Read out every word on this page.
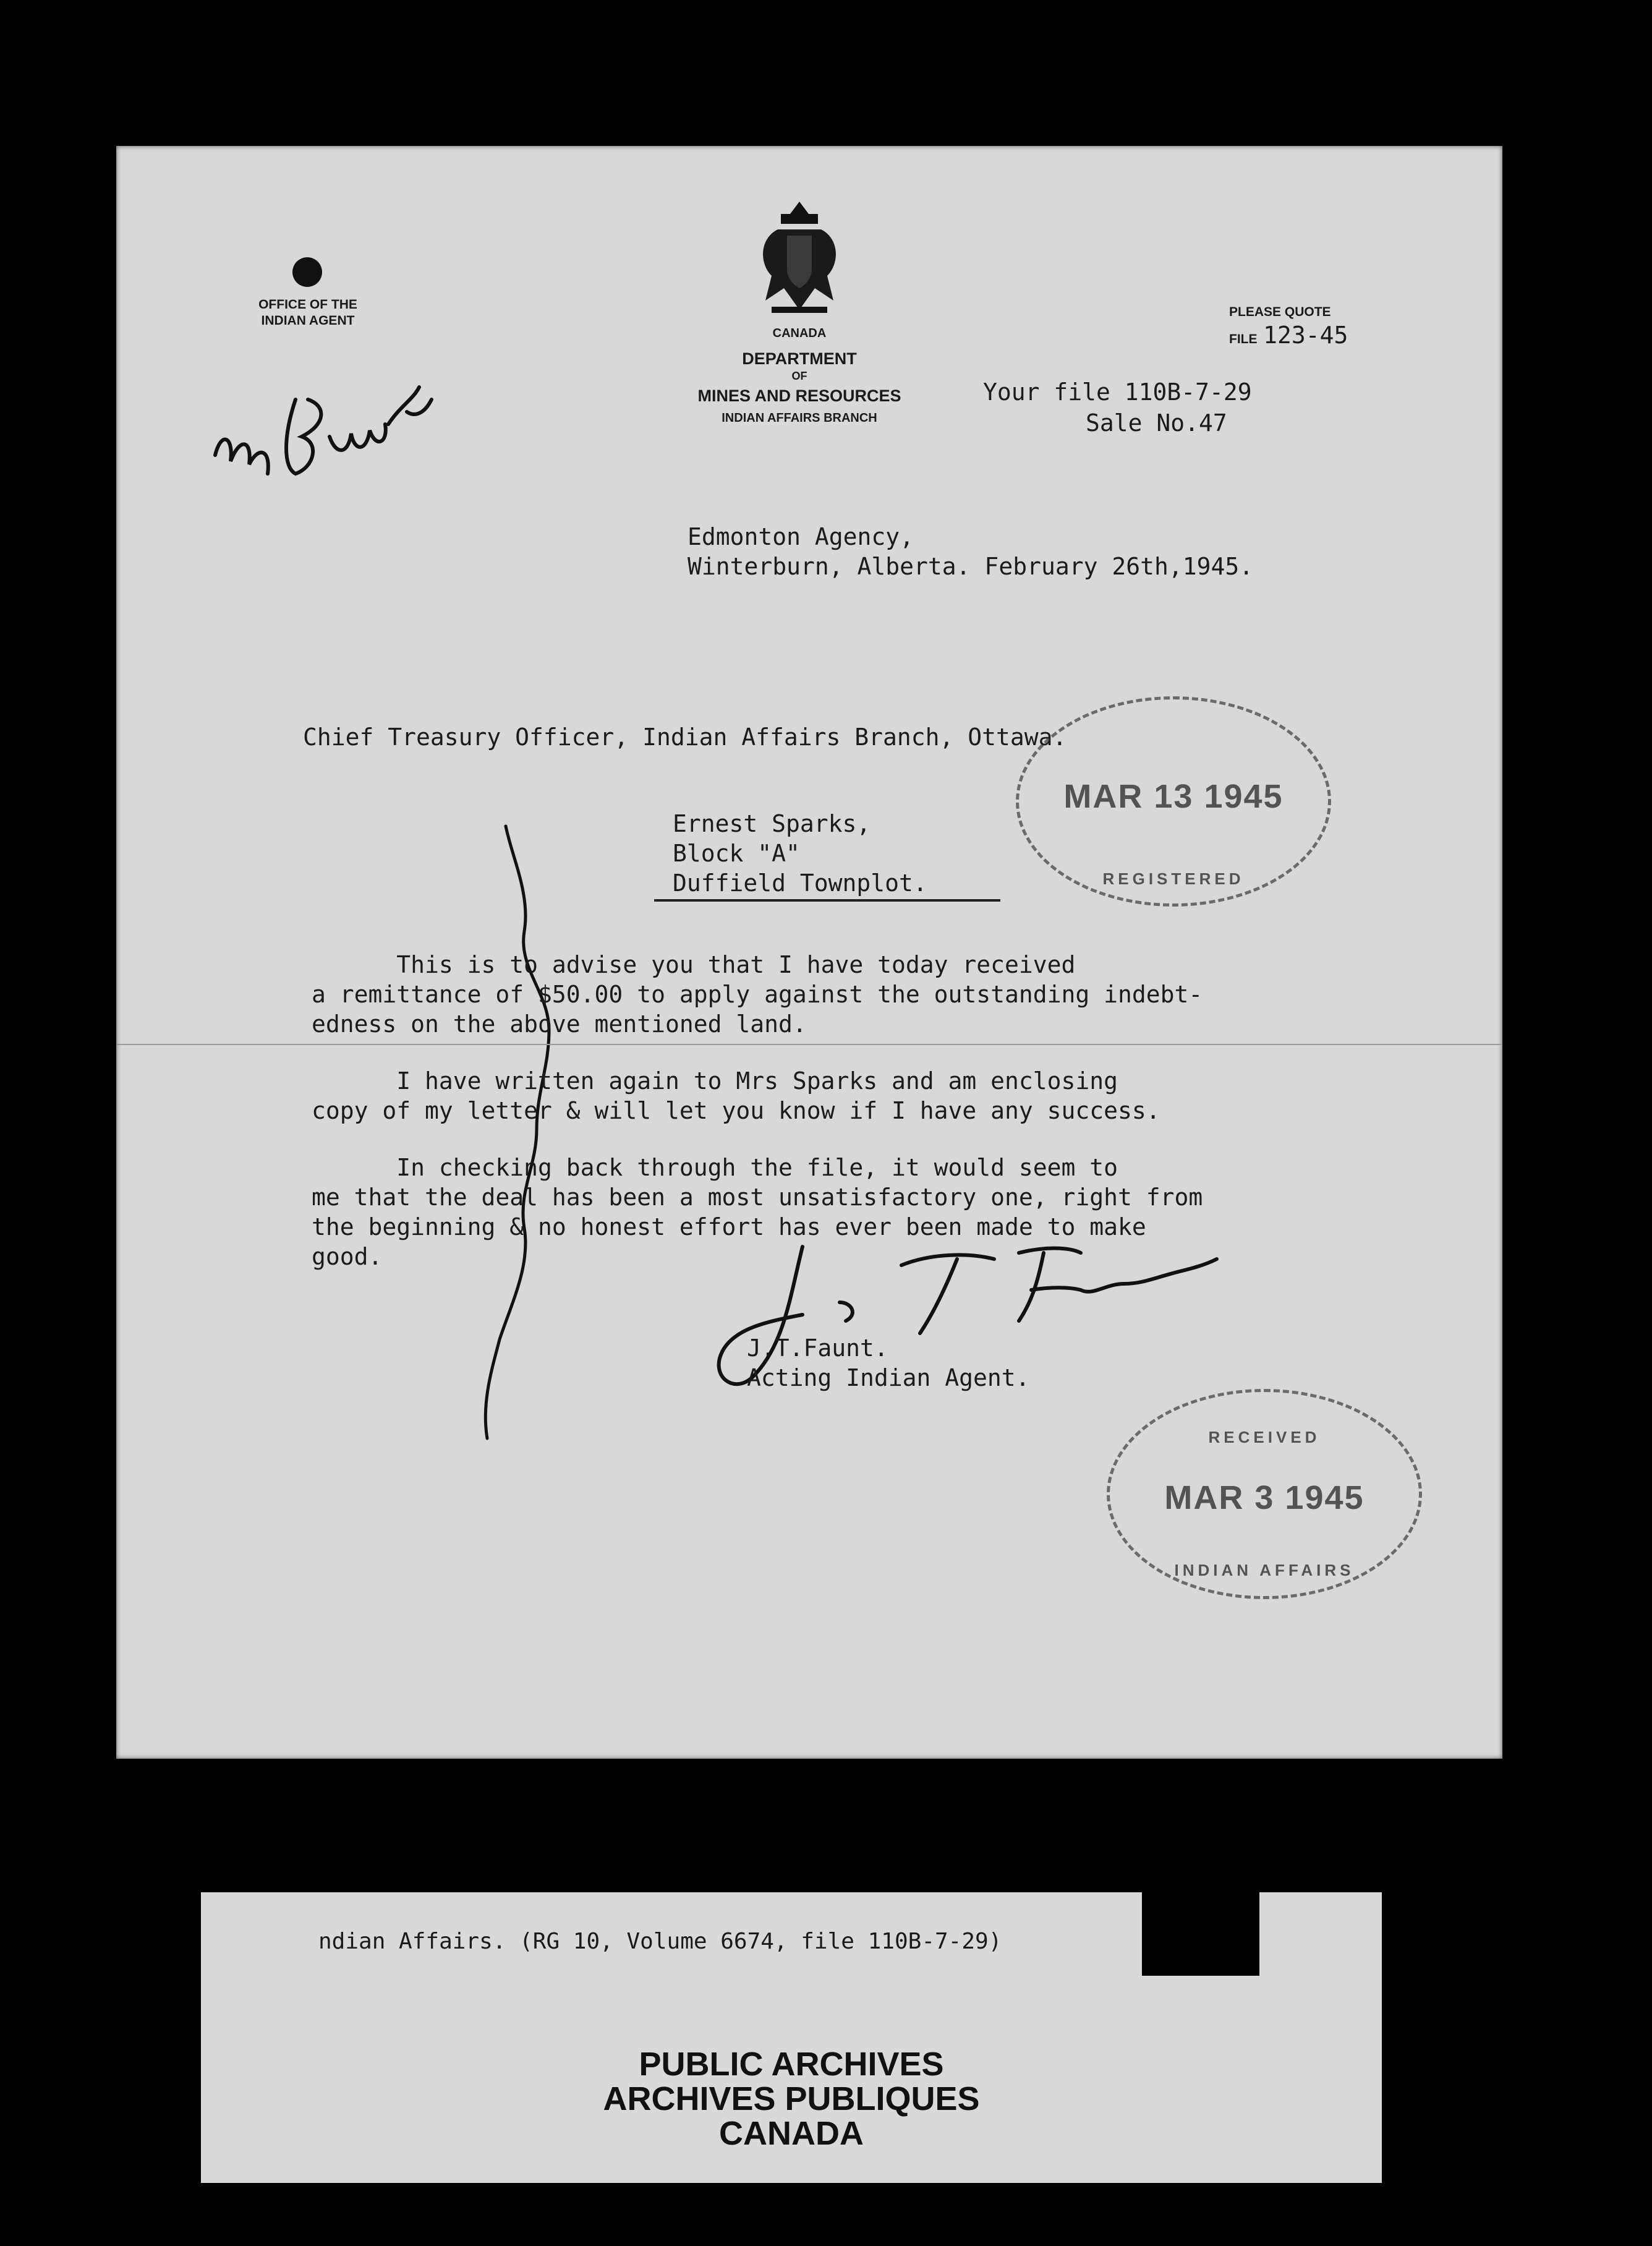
OFFICE OF THE
INDIAN AGENT
CANADA
DEPARTMENT
OF
MINES AND RESOURCES
INDIAN AFFAIRS BRANCH
PLEASE QUOTE
FILE 123-45
Your file 110B-7-29
Sale No.47
Edmonton Agency,
Winterburn, Alberta. February 26th,1945.
Chief Treasury Officer, Indian Affairs Branch, Ottawa.
Ernest Sparks,
Block "A"
Duffield Townplot.
MAR 13 1945
REGISTERED
This is to advise you that I have today received
a remittance of $50.00 to apply against the outstanding indebt-
edness on the above mentioned land.
I have written again to Mrs Sparks and am enclosing
copy of my letter & will let you know if I have any success.
In checking back through the file, it would seem to
me that the deal has been a most unsatisfactory one, right from
the beginning & no honest effort has ever been made to make
good.
J.T.Faunt.
Acting Indian Agent.
RECEIVED
MAR 3 1945
INDIAN AFFAIRS
ndian Affairs. (RG 10, Volume 6674, file 110B-7-29)
PUBLIC ARCHIVES
ARCHIVES PUBLIQUES
CANADA
